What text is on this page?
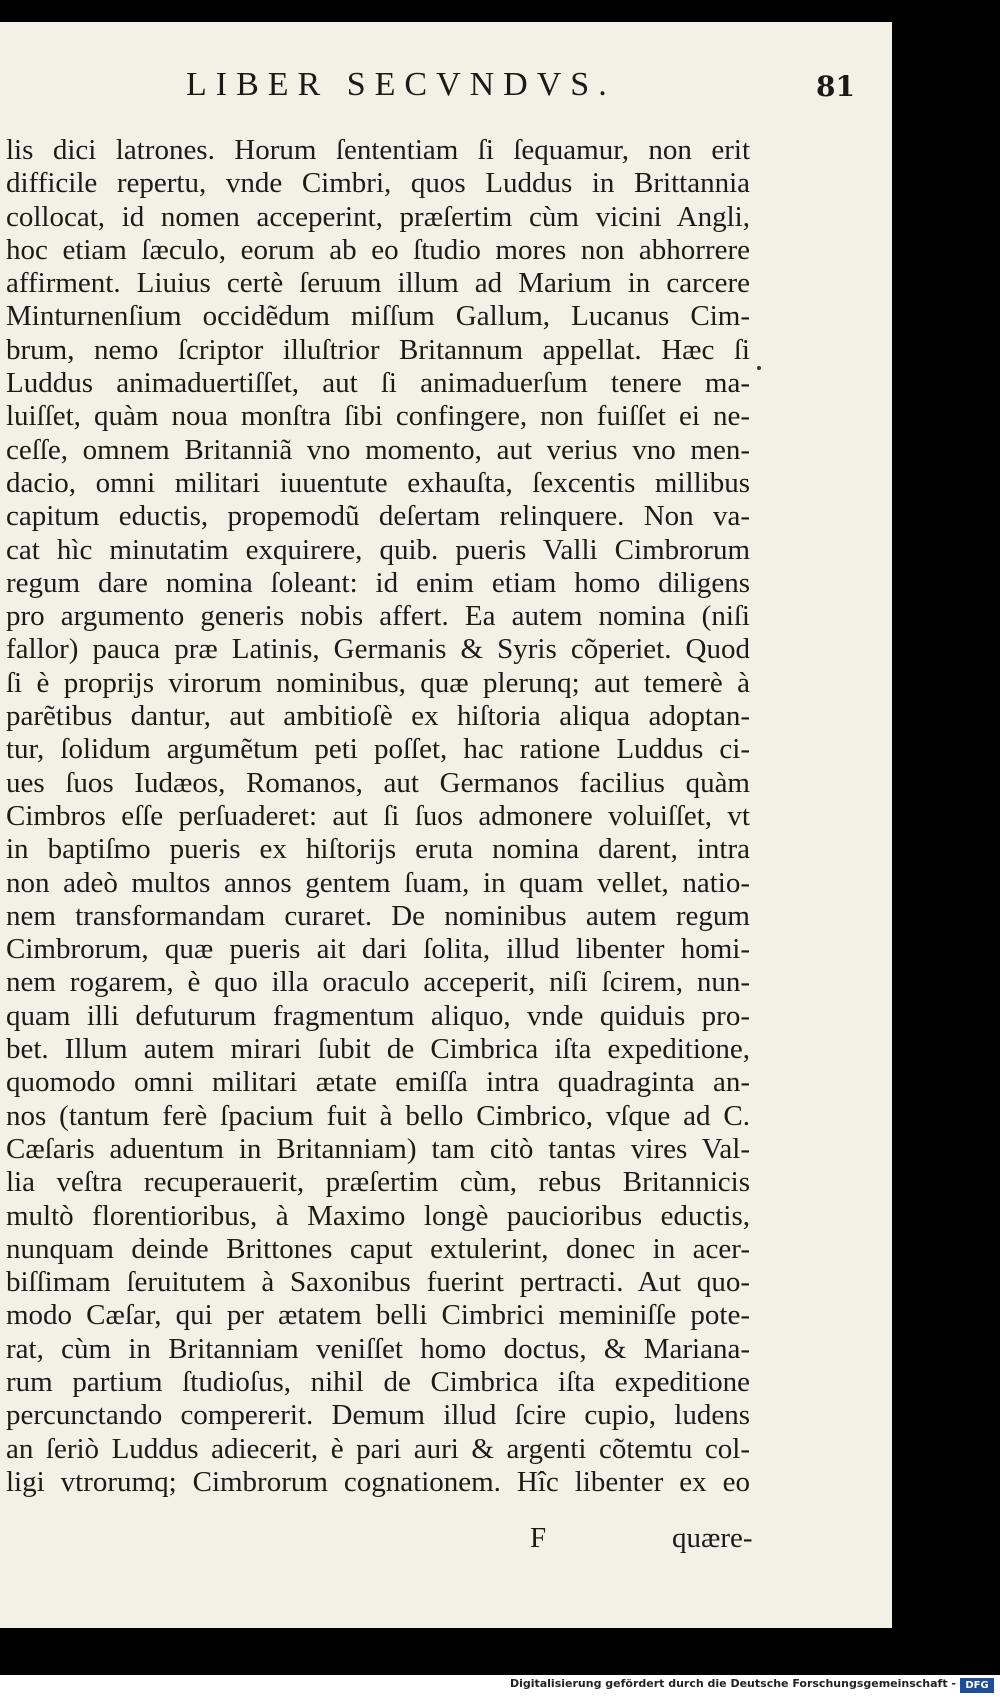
LIBER SECVNDVS.	81
lis dici latrones. Horum ſententiam ſi ſequamur, non erit
difficile repertu, vnde Cimbri, quos Luddus in Brittannia
collocat, id nomen acceperint, præſertim cùm vicini Angli,
hoc etiam ſæculo, eorum ab eo ſtudio mores non abhorrere
affirment. Liuius certè ſeruum illum ad Marium in carcere
Minturnenſium occidẽdum miſſum Gallum, Lucanus Cim-
brum, nemo ſcriptor illuſtrior Britannum appellat. Hæc ſi
Luddus animaduertiſſet, aut ſi animaduerſum tenere ma-
luiſſet, quàm noua monſtra ſibi confingere, non fuiſſet ei ne-
ceſſe, omnem Britanniã vno momento, aut verius vno men-
dacio, omni militari iuuentute exhauſta, ſexcentis millibus
capitum eductis, propemodũ deſertam relinquere. Non va-
cat hìc minutatim exquirere, quib. pueris Valli Cimbrorum
regum dare nomina ſoleant: id enim etiam homo diligens
pro argumento generis nobis affert. Ea autem nomina (niſi
fallor) pauca præ Latinis, Germanis & Syris cõperiet. Quod
ſi è proprijs virorum nominibus, quæ plerunq; aut temerè à
parẽtibus dantur, aut ambitioſè ex hiſtoria aliqua adoptan-
tur, ſolidum argumẽtum peti poſſet, hac ratione Luddus ci-
ues ſuos Iudæos, Romanos, aut Germanos facilius quàm
Cimbros eſſe perſuaderet: aut ſi ſuos admonere voluiſſet, vt
in baptiſmo pueris ex hiſtorijs eruta nomina darent, intra
non adeò multos annos gentem ſuam, in quam vellet, natio-
nem transformandam curaret. De nominibus autem regum
Cimbrorum, quæ pueris ait dari ſolita, illud libenter homi-
nem rogarem, è quo illa oraculo acceperit, niſi ſcirem, nun-
quam illi defuturum fragmentum aliquo, vnde quiduis pro-
bet. Illum autem mirari ſubit de Cimbrica iſta expeditione,
quomodo omni militari ætate emiſſa intra quadraginta an-
nos (tantum ferè ſpacium fuit à bello Cimbrico, vſque ad C.
Cæſaris aduentum in Britanniam) tam citò tantas vires Val-
lia veſtra recuperauerit, præſertim cùm, rebus Britannicis
multò florentioribus, à Maximo longè paucioribus eductis,
nunquam deinde Brittones caput extulerint, donec in acer-
biſſimam ſeruitutem à Saxonibus fuerint pertracti. Aut quo-
modo Cæſar, qui per ætatem belli Cimbrici meminiſſe pote-
rat, cùm in Britanniam veniſſet homo doctus, & Mariana-
rum partium ſtudioſus, nihil de Cimbrica iſta expeditione
percunctando compererit. Demum illud ſcire cupio, ludens
an ſeriò Luddus adiecerit, è pari auri & argenti cõtemtu col-
ligi vtrorumq; Cimbrorum cognationem. Hîc libenter ex eo
F	quære-
Digitalisierung gefördert durch die Deutsche Forschungsgemeinschaft - DFG
